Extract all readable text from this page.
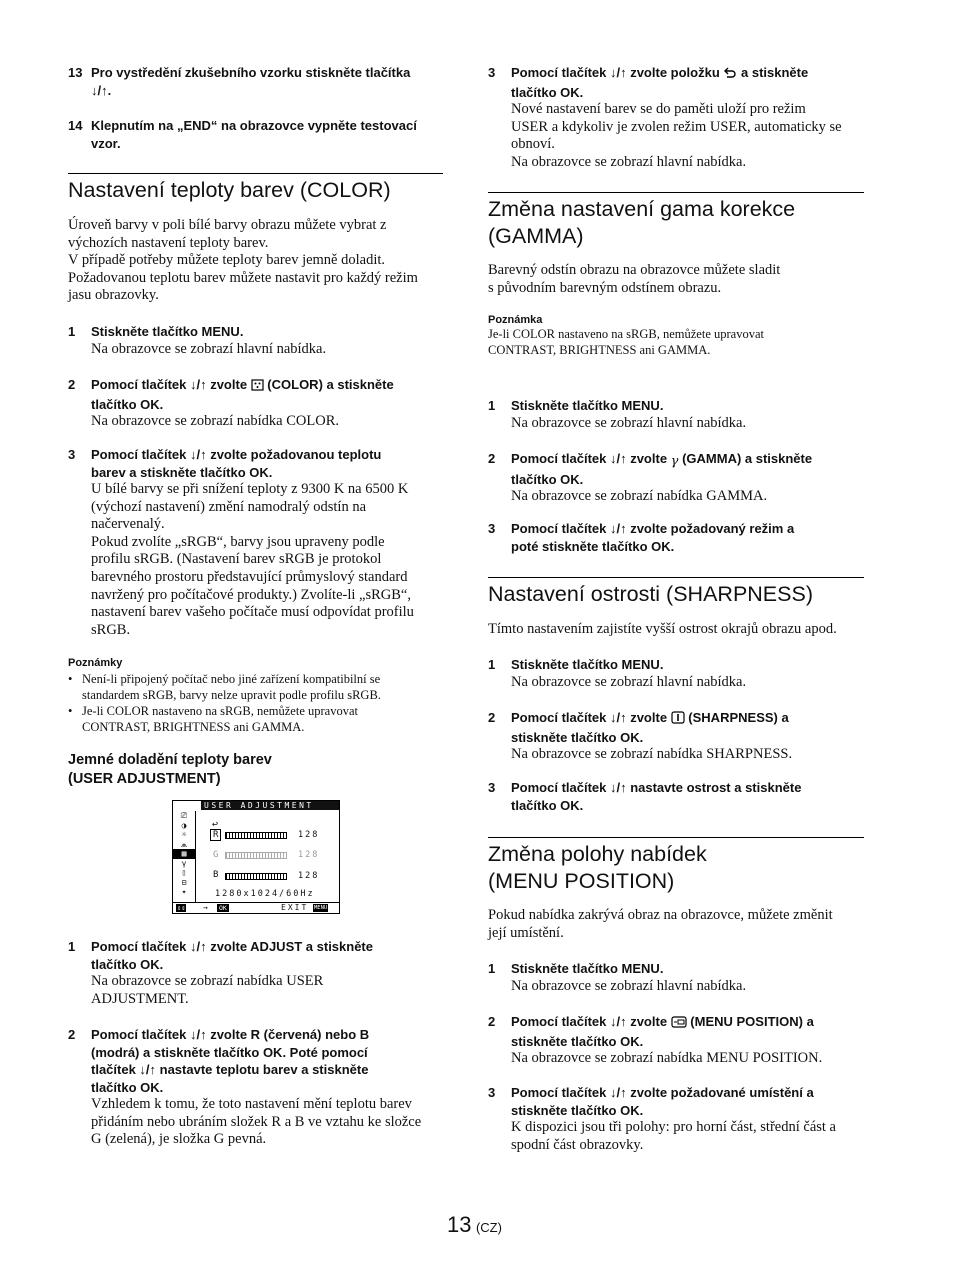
13 Pro vystředění zkušebního vzorku stiskněte tlačítka
↓/↑.
14 Klepnutím na „END“ na obrazovce vypněte testovací vzor.
Nastavení teploty barev (COLOR)
Úroveň barvy v poli bílé barvy obrazu můžete vybrat z
výchozích nastavení teploty barev.
V případě potřeby můžete teploty barev jemně doladit.
Požadovanou teplotu barev můžete nastavit pro každý režim
jasu obrazovky.
1 Stiskněte tlačítko MENU.
Na obrazovce se zobrazí hlavní nabídka.
2 Pomocí tlačítek ↓/↑ zvolte (COLOR) a stiskněte
tlačítko OK.
Na obrazovce se zobrazí nabídka COLOR.
3 Pomocí tlačítek ↓/↑ zvolte požadovanou teplotu
barev a stiskněte tlačítko OK.
U bílé barvy se při snížení teploty z 9300 K na 6500 K
(výchozí nastavení) změní namodralý odstín na
načervenalý.
Pokud zvolíte „sRGB“, barvy jsou upraveny podle
profilu sRGB. (Nastavení barev sRGB je protokol
barevného prostoru představující průmyslový standard
navržený pro počítačové produkty.) Zvolíte-li „sRGB“,
nastavení barev vašeho počítače musí odpovídat profilu
sRGB.
Poznámky
• Není-li připojený počítač nebo jiné zařízení kompatibilní se
standardem sRGB, barvy nelze upravit podle profilu sRGB.
• Je-li COLOR nastaveno na sRGB, nemůžete upravovat
CONTRAST, BRIGHTNESS ani GAMMA.
Jemné doladění teploty barev
(USER ADJUSTMENT)
1 Pomocí tlačítek ↓/↑ zvolte ADJUST a stiskněte
tlačítko OK.
Na obrazovce se zobrazí nabídka USER
ADJUSTMENT.
2 Pomocí tlačítek ↓/↑ zvolte R (červená) nebo B
(modrá) a stiskněte tlačítko OK. Poté pomocí
tlačítek ↓/↑ nastavte teplotu barev a stiskněte
tlačítko OK.
Vzhledem k tomu, že toto nastavení mění teplotu barev
přidáním nebo ubráním složek R a B ve vztahu ke složce
G (zelená), je složka G pevná.
USER ADJUSTMENT
⎚
◑
☼
⩕
▦
γ
▯
⊟
✦
↩
R	128
G	128
B	128
1280x1024/60Hz
⇕⇕ →	OK	EXIT MENU
3 Pomocí tlačítek ↓/↑ zvolte položku a stiskněte
tlačítko OK.
Nové nastavení barev se do paměti uloží pro režim
USER a kdykoliv je zvolen režim USER, automaticky se
obnoví.
Na obrazovce se zobrazí hlavní nabídka.
Změna nastavení gama korekce
(GAMMA)
Barevný odstín obrazu na obrazovce můžete sladit
s původním barevným odstínem obrazu.
Poznámka
Je-li COLOR nastaveno na sRGB, nemůžete upravovat
CONTRAST, BRIGHTNESS ani GAMMA.
1 Stiskněte tlačítko MENU.
Na obrazovce se zobrazí hlavní nabídka.
2 Pomocí tlačítek ↓/↑ zvolte γ (GAMMA) a stiskněte
tlačítko OK.
Na obrazovce se zobrazí nabídka GAMMA.
3 Pomocí tlačítek ↓/↑ zvolte požadovaný režim a
poté stiskněte tlačítko OK.
Nastavení ostrosti (SHARPNESS)
Tímto nastavením zajistíte vyšší ostrost okrajů obrazu apod.
1 Stiskněte tlačítko MENU.
Na obrazovce se zobrazí hlavní nabídka.
2 Pomocí tlačítek ↓/↑ zvolte (SHARPNESS) a
stiskněte tlačítko OK.
Na obrazovce se zobrazí nabídka SHARPNESS.
3 Pomocí tlačítek ↓/↑ nastavte ostrost a stiskněte
tlačítko OK.
Změna polohy nabídek
(MENU POSITION)
Pokud nabídka zakrývá obraz na obrazovce, můžete změnit
její umístění.
1 Stiskněte tlačítko MENU.
Na obrazovce se zobrazí hlavní nabídka.
2 Pomocí tlačítek ↓/↑ zvolte (MENU POSITION) a
stiskněte tlačítko OK.
Na obrazovce se zobrazí nabídka MENU POSITION.
3 Pomocí tlačítek ↓/↑ zvolte požadované umístění a
stiskněte tlačítko OK.
K dispozici jsou tři polohy: pro horní část, střední část a
spodní část obrazovky.
13 (CZ)
